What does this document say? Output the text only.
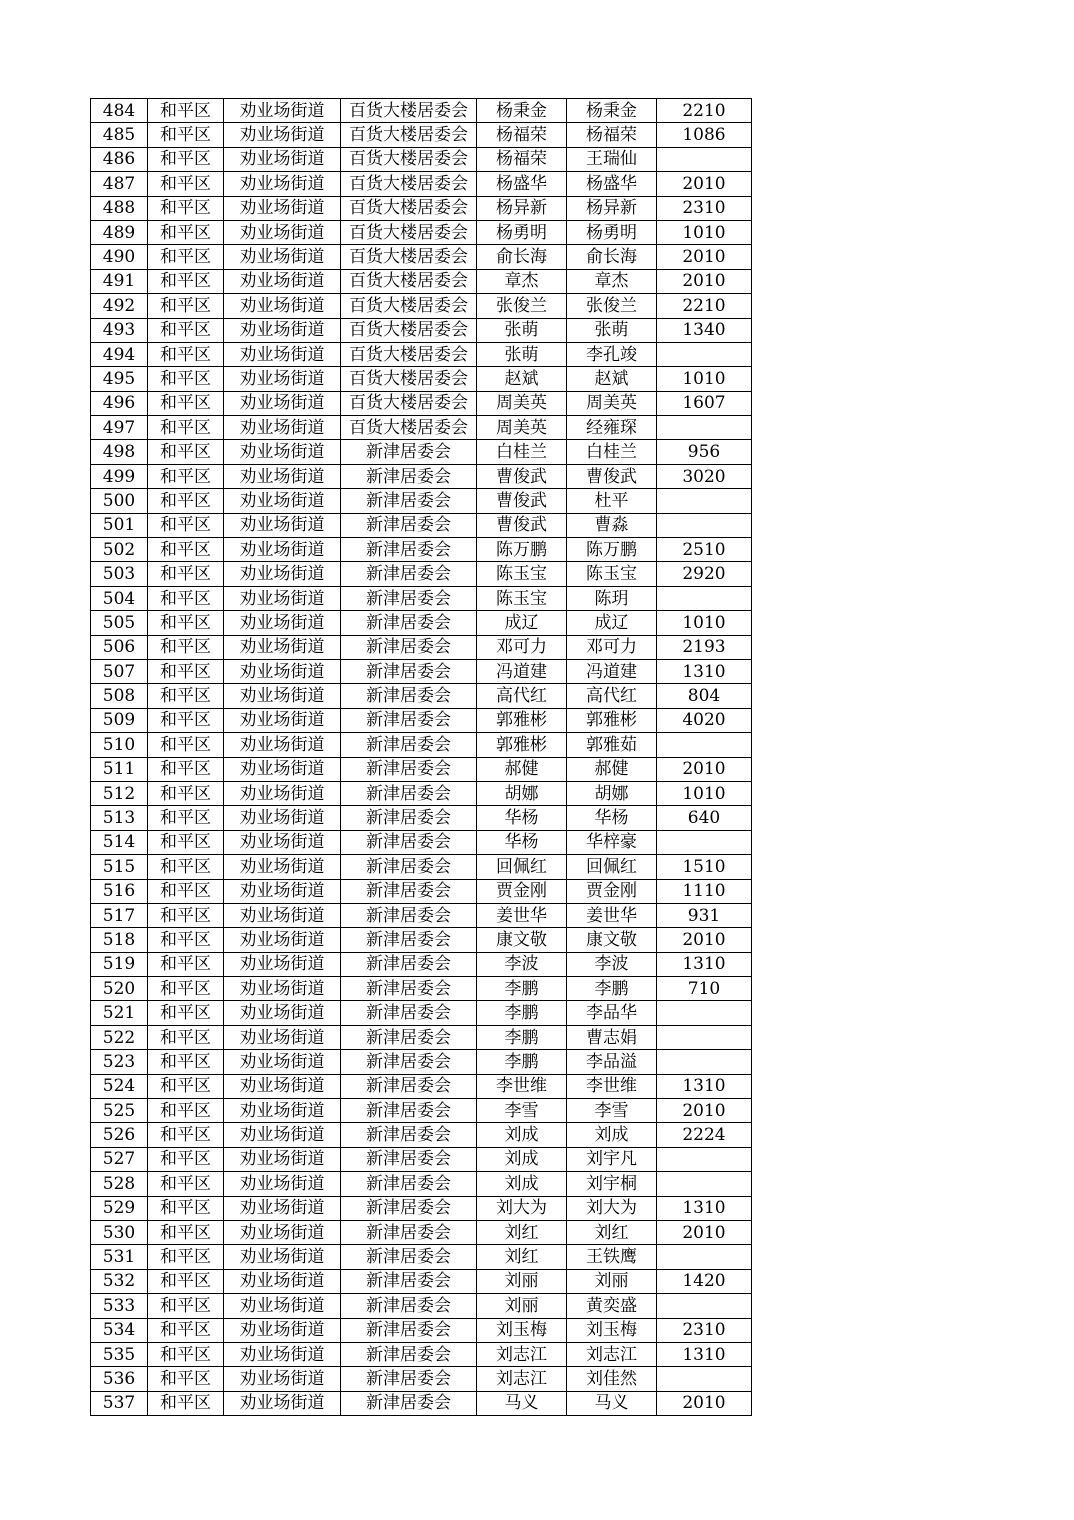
484	和平区	劝业场街道	百货大楼居委会	杨秉金	杨秉金	2210
485	和平区	劝业场街道	百货大楼居委会	杨福荣	杨福荣	1086
486	和平区	劝业场街道	百货大楼居委会	杨福荣	王瑞仙	
487	和平区	劝业场街道	百货大楼居委会	杨盛华	杨盛华	2010
488	和平区	劝业场街道	百货大楼居委会	杨异新	杨异新	2310
489	和平区	劝业场街道	百货大楼居委会	杨勇明	杨勇明	1010
490	和平区	劝业场街道	百货大楼居委会	俞长海	俞长海	2010
491	和平区	劝业场街道	百货大楼居委会	章杰	章杰	2010
492	和平区	劝业场街道	百货大楼居委会	张俊兰	张俊兰	2210
493	和平区	劝业场街道	百货大楼居委会	张萌	张萌	1340
494	和平区	劝业场街道	百货大楼居委会	张萌	李孔竣	
495	和平区	劝业场街道	百货大楼居委会	赵斌	赵斌	1010
496	和平区	劝业场街道	百货大楼居委会	周美英	周美英	1607
497	和平区	劝业场街道	百货大楼居委会	周美英	经雍琛	
498	和平区	劝业场街道	新津居委会	白桂兰	白桂兰	956
499	和平区	劝业场街道	新津居委会	曹俊武	曹俊武	3020
500	和平区	劝业场街道	新津居委会	曹俊武	杜平	
501	和平区	劝业场街道	新津居委会	曹俊武	曹淼	
502	和平区	劝业场街道	新津居委会	陈万鹏	陈万鹏	2510
503	和平区	劝业场街道	新津居委会	陈玉宝	陈玉宝	2920
504	和平区	劝业场街道	新津居委会	陈玉宝	陈玥	
505	和平区	劝业场街道	新津居委会	成辽	成辽	1010
506	和平区	劝业场街道	新津居委会	邓可力	邓可力	2193
507	和平区	劝业场街道	新津居委会	冯道建	冯道建	1310
508	和平区	劝业场街道	新津居委会	高代红	高代红	804
509	和平区	劝业场街道	新津居委会	郭雅彬	郭雅彬	4020
510	和平区	劝业场街道	新津居委会	郭雅彬	郭雅茹	
511	和平区	劝业场街道	新津居委会	郝健	郝健	2010
512	和平区	劝业场街道	新津居委会	胡娜	胡娜	1010
513	和平区	劝业场街道	新津居委会	华杨	华杨	640
514	和平区	劝业场街道	新津居委会	华杨	华梓豪	
515	和平区	劝业场街道	新津居委会	回佩红	回佩红	1510
516	和平区	劝业场街道	新津居委会	贾金刚	贾金刚	1110
517	和平区	劝业场街道	新津居委会	姜世华	姜世华	931
518	和平区	劝业场街道	新津居委会	康文敬	康文敬	2010
519	和平区	劝业场街道	新津居委会	李波	李波	1310
520	和平区	劝业场街道	新津居委会	李鹏	李鹏	710
521	和平区	劝业场街道	新津居委会	李鹏	李品华	
522	和平区	劝业场街道	新津居委会	李鹏	曹志娟	
523	和平区	劝业场街道	新津居委会	李鹏	李品溢	
524	和平区	劝业场街道	新津居委会	李世维	李世维	1310
525	和平区	劝业场街道	新津居委会	李雪	李雪	2010
526	和平区	劝业场街道	新津居委会	刘成	刘成	2224
527	和平区	劝业场街道	新津居委会	刘成	刘宇凡	
528	和平区	劝业场街道	新津居委会	刘成	刘宇桐	
529	和平区	劝业场街道	新津居委会	刘大为	刘大为	1310
530	和平区	劝业场街道	新津居委会	刘红	刘红	2010
531	和平区	劝业场街道	新津居委会	刘红	王铁鹰	
532	和平区	劝业场街道	新津居委会	刘丽	刘丽	1420
533	和平区	劝业场街道	新津居委会	刘丽	黄奕盛	
534	和平区	劝业场街道	新津居委会	刘玉梅	刘玉梅	2310
535	和平区	劝业场街道	新津居委会	刘志江	刘志江	1310
536	和平区	劝业场街道	新津居委会	刘志江	刘佳然	
537	和平区	劝业场街道	新津居委会	马义	马义	2010
